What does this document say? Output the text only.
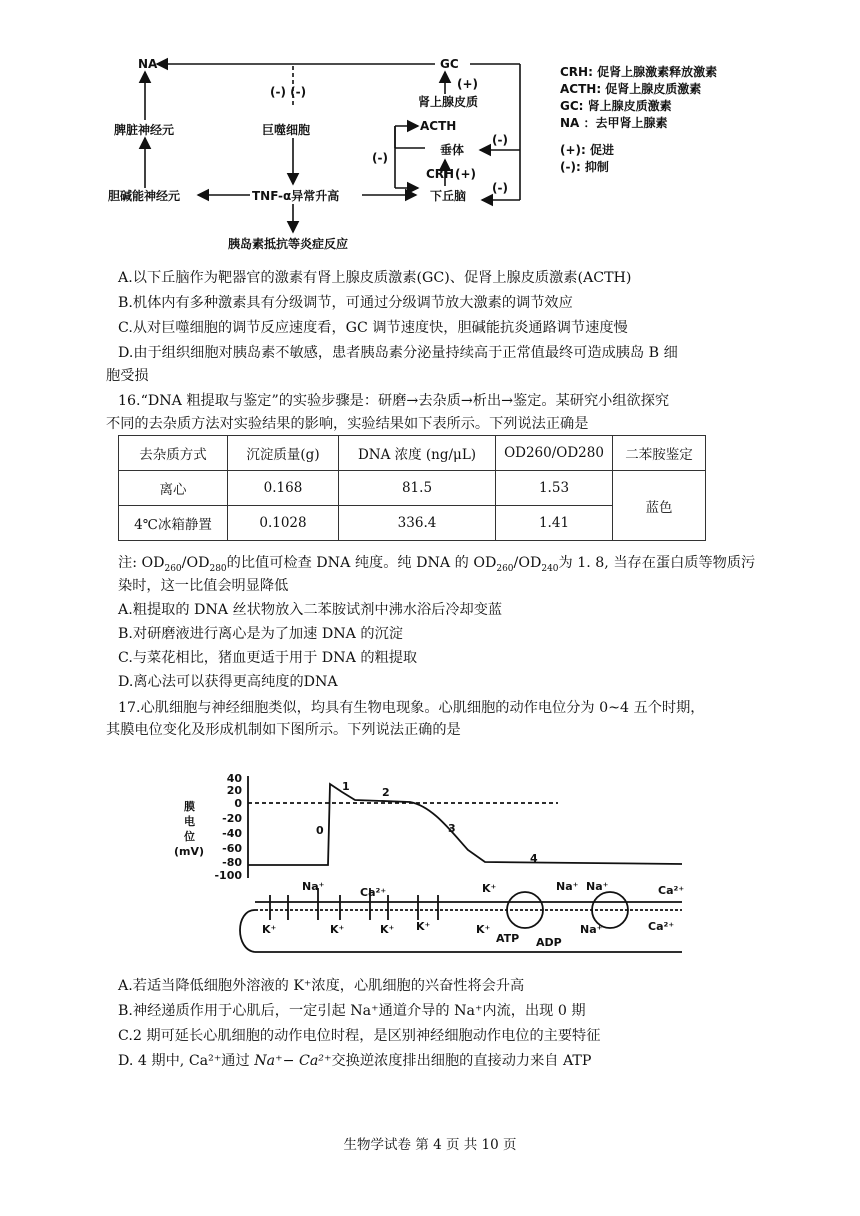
NA	GC
脾脏神经元	巨噬细胞
肾上腺皮质
ACTH
垂体
CRH
胆碱能神经元	TNF-α异常升高	下丘脑
胰岛素抵抗等炎症反应
(-) (-)
(+)
(+)
(-)
(-)
(-)
CRH: 促肾上腺激素释放激素
ACTH: 促肾上腺皮质激素
GC: 肾上腺皮质激素
NA ：去甲肾上腺素
(+): 促进
(-): 抑制
A.以下丘脑作为靶器官的激素有肾上腺皮质激素(GC)、促肾上腺皮质激素(ACTH)
B.机体内有多种激素具有分级调节，可通过分级调节放大激素的调节效应
C.从对巨噬细胞的调节反应速度看，GC 调节速度快，胆碱能抗炎通路调节速度慢
D.由于组织细胞对胰岛素不敏感，患者胰岛素分泌量持续高于正常值最终可造成胰岛 B 细
胞受损
16.“DNA 粗提取与鉴定”的实验步骤是：研磨→去杂质→析出→鉴定。某研究小组欲探究
不同的去杂质方法对实验结果的影响，实验结果如下表所示。下列说法正确是
去杂质方式	沉淀质量(g)	DNA 浓度 (ng/μL)	OD260/OD280	二苯胺鉴定
离心	0.168	81.5	1.53	蓝色
4℃冰箱静置	0.1028	336.4	1.41	
注: $OD_{260}/OD_{280}$的比值可检查 DNA 纯度。纯 DNA 的 $OD_{260}/OD_{240}$为 1. 8, 当存在蛋白质等物质污
染时，这一比值会明显降低
A.粗提取的 DNA 丝状物放入二苯胺试剂中沸水浴后冷却变蓝
B.对研磨液进行离心是为了加速 DNA 的沉淀
C.与菜花相比，猪血更适于用于 DNA 的粗提取
D.离心法可以获得更高纯度的DNA
17.心肌细胞与神经细胞类似，均具有生物电现象。心肌细胞的动作电位分为 0~4 五个时期，
其膜电位变化及形成机制如下图所示。下列说法正确的是
膜
电
位
(mV)
40
20
0
-20
-40
-60
-80
-100
0
1	2
3
4
Na⁺	Ca²⁺
K⁺	K⁺	K⁺ K⁺
K⁺
K⁺
Na⁺ Na⁺
Na⁺
Ca²⁺
Ca²⁺
ATP ADP
A.若适当降低细胞外溶液的 K⁺浓度，心肌细胞的兴奋性将会升高
B.神经递质作用于心肌后，一定引起 Na⁺通道介导的 Na⁺内流，出现 0 期
C.2 期可延长心肌细胞的动作电位时程，是区别神经细胞动作电位的主要特征
D. 4 期中, Ca²⁺通过 Na⁺− Ca²⁺交换逆浓度排出细胞的直接动力来自 ATP
生物学试卷 第 4 页 共 10 页
